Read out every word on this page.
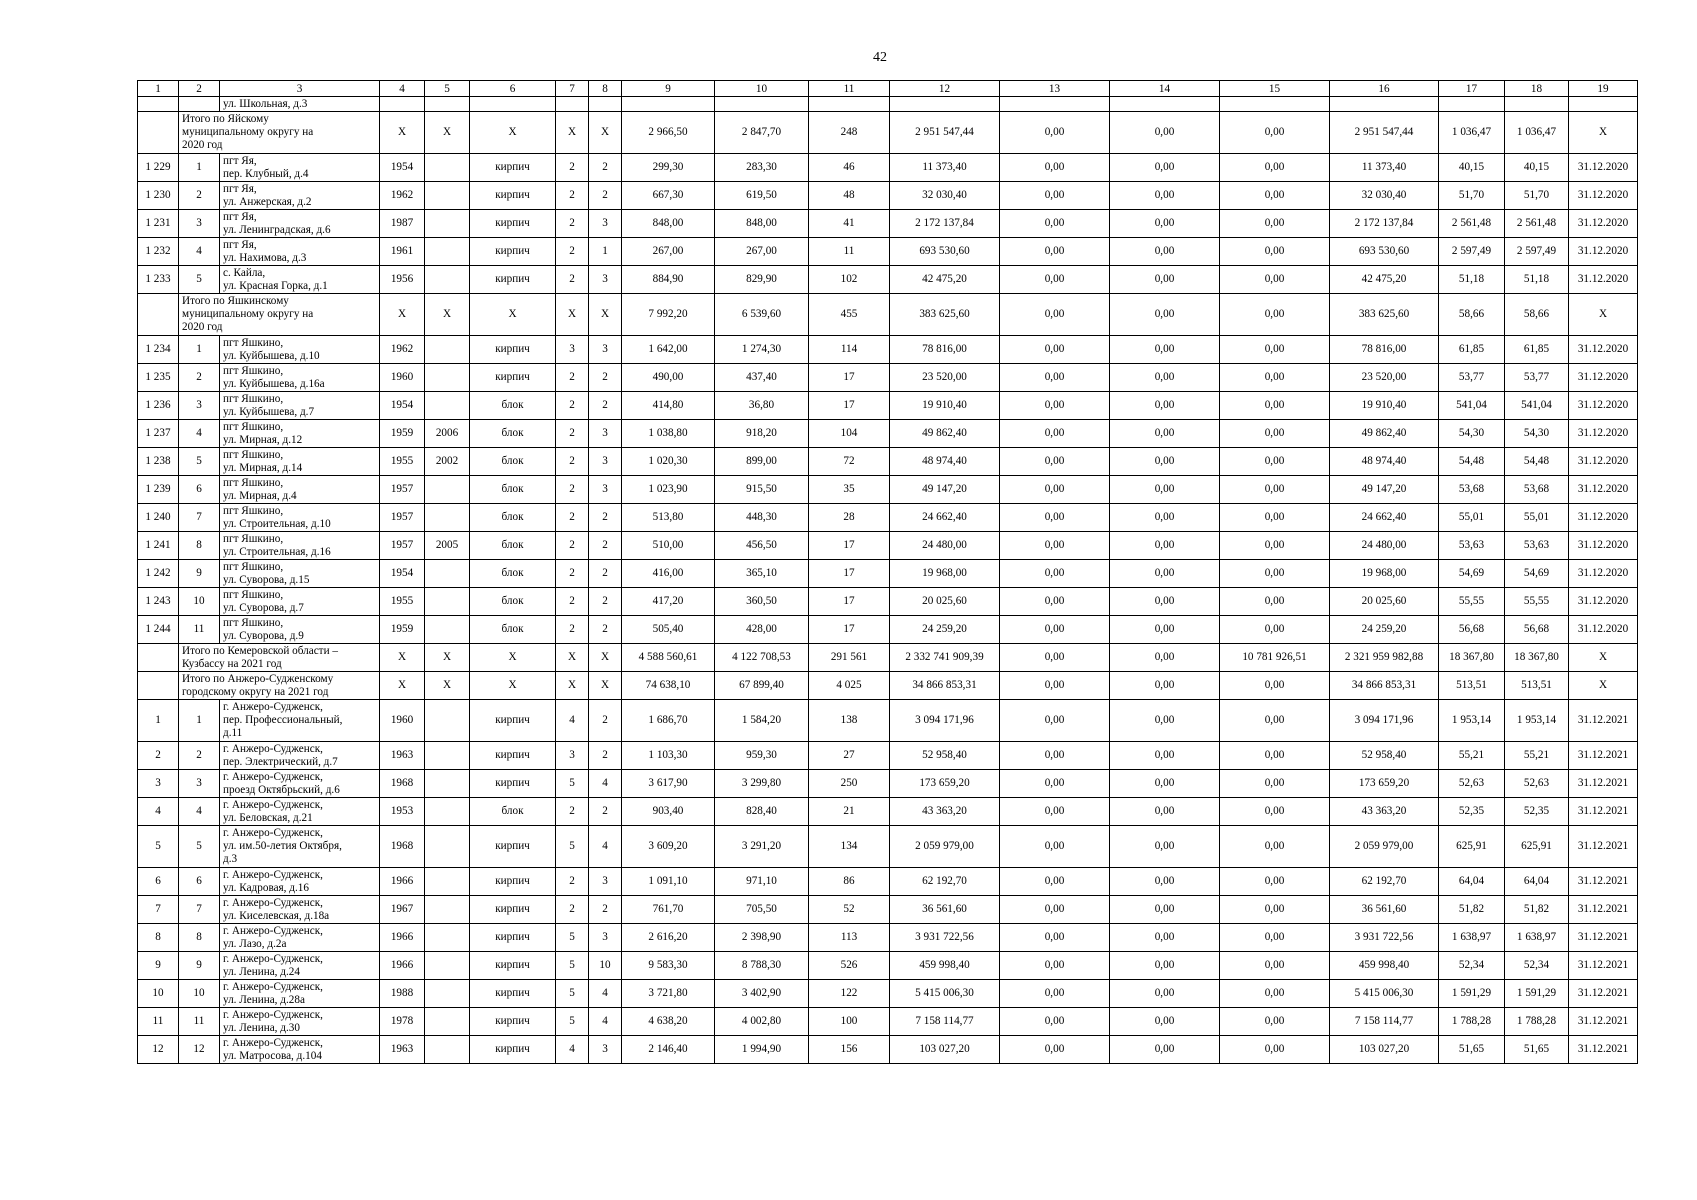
42
1	2	3	4	5	6	7	8	9	10	11	12	13	14	15	16	17	18	19
		ул. Школьная, д.3																
	Итого по Яйскому
муниципальному округу на
2020 год		X	X	X	X	X	2 966,50	2 847,70	248	2 951 547,44	0,00	0,00	0,00	2 951 547,44	1 036,47	1 036,47	X
1 229	1	пгт Яя,
пер. Клубный, д.4	1954		кирпич	2	2	299,30	283,30	46	11 373,40	0,00	0,00	0,00	11 373,40	40,15	40,15	31.12.2020
1 230	2	пгт Яя,
ул. Анжерская, д.2	1962		кирпич	2	2	667,30	619,50	48	32 030,40	0,00	0,00	0,00	32 030,40	51,70	51,70	31.12.2020
1 231	3	пгт Яя,
ул. Ленинградская, д.6	1987		кирпич	2	3	848,00	848,00	41	2 172 137,84	0,00	0,00	0,00	2 172 137,84	2 561,48	2 561,48	31.12.2020
1 232	4	пгт Яя,
ул. Нахимова, д.3	1961		кирпич	2	1	267,00	267,00	11	693 530,60	0,00	0,00	0,00	693 530,60	2 597,49	2 597,49	31.12.2020
1 233	5	с. Кайла,
ул. Красная Горка, д.1	1956		кирпич	2	3	884,90	829,90	102	42 475,20	0,00	0,00	0,00	42 475,20	51,18	51,18	31.12.2020
	Итого по Яшкинскому
муниципальному округу на
2020 год		X	X	X	X	X	7 992,20	6 539,60	455	383 625,60	0,00	0,00	0,00	383 625,60	58,66	58,66	X
1 234	1	пгт Яшкино,
ул. Куйбышева, д.10	1962		кирпич	3	3	1 642,00	1 274,30	114	78 816,00	0,00	0,00	0,00	78 816,00	61,85	61,85	31.12.2020
1 235	2	пгт Яшкино,
ул. Куйбышева, д.16а	1960		кирпич	2	2	490,00	437,40	17	23 520,00	0,00	0,00	0,00	23 520,00	53,77	53,77	31.12.2020
1 236	3	пгт Яшкино,
ул. Куйбышева, д.7	1954		блок	2	2	414,80	36,80	17	19 910,40	0,00	0,00	0,00	19 910,40	541,04	541,04	31.12.2020
1 237	4	пгт Яшкино,
ул. Мирная, д.12	1959	2006	блок	2	3	1 038,80	918,20	104	49 862,40	0,00	0,00	0,00	49 862,40	54,30	54,30	31.12.2020
1 238	5	пгт Яшкино,
ул. Мирная, д.14	1955	2002	блок	2	3	1 020,30	899,00	72	48 974,40	0,00	0,00	0,00	48 974,40	54,48	54,48	31.12.2020
1 239	6	пгт Яшкино,
ул. Мирная, д.4	1957		блок	2	3	1 023,90	915,50	35	49 147,20	0,00	0,00	0,00	49 147,20	53,68	53,68	31.12.2020
1 240	7	пгт Яшкино,
ул. Строительная, д.10	1957		блок	2	2	513,80	448,30	28	24 662,40	0,00	0,00	0,00	24 662,40	55,01	55,01	31.12.2020
1 241	8	пгт Яшкино,
ул. Строительная, д.16	1957	2005	блок	2	2	510,00	456,50	17	24 480,00	0,00	0,00	0,00	24 480,00	53,63	53,63	31.12.2020
1 242	9	пгт Яшкино,
ул. Суворова, д.15	1954		блок	2	2	416,00	365,10	17	19 968,00	0,00	0,00	0,00	19 968,00	54,69	54,69	31.12.2020
1 243	10	пгт Яшкино,
ул. Суворова, д.7	1955		блок	2	2	417,20	360,50	17	20 025,60	0,00	0,00	0,00	20 025,60	55,55	55,55	31.12.2020
1 244	11	пгт Яшкино,
ул. Суворова, д.9	1959		блок	2	2	505,40	428,00	17	24 259,20	0,00	0,00	0,00	24 259,20	56,68	56,68	31.12.2020
	Итого по Кемеровской области –
Кузбассу на 2021 год		X	X	X	X	X	4 588 560,61	4 122 708,53	291 561	2 332 741 909,39	0,00	0,00	10 781 926,51	2 321 959 982,88	18 367,80	18 367,80	X
	Итого по Анжеро-Судженскому
городскому округу на 2021 год		X	X	X	X	X	74 638,10	67 899,40	4 025	34 866 853,31	0,00	0,00	0,00	34 866 853,31	513,51	513,51	X
1	1	г. Анжеро-Судженск,
пер. Профессиональный,
д.11	1960		кирпич	4	2	1 686,70	1 584,20	138	3 094 171,96	0,00	0,00	0,00	3 094 171,96	1 953,14	1 953,14	31.12.2021
2	2	г. Анжеро-Судженск,
пер. Электрический, д.7	1963		кирпич	3	2	1 103,30	959,30	27	52 958,40	0,00	0,00	0,00	52 958,40	55,21	55,21	31.12.2021
3	3	г. Анжеро-Судженск,
проезд Октябрьский, д.6	1968		кирпич	5	4	3 617,90	3 299,80	250	173 659,20	0,00	0,00	0,00	173 659,20	52,63	52,63	31.12.2021
4	4	г. Анжеро-Судженск,
ул. Беловская, д.21	1953		блок	2	2	903,40	828,40	21	43 363,20	0,00	0,00	0,00	43 363,20	52,35	52,35	31.12.2021
5	5	г. Анжеро-Судженск,
ул. им.50-летия Октября,
д.3	1968		кирпич	5	4	3 609,20	3 291,20	134	2 059 979,00	0,00	0,00	0,00	2 059 979,00	625,91	625,91	31.12.2021
6	6	г. Анжеро-Судженск,
ул. Кадровая, д.16	1966		кирпич	2	3	1 091,10	971,10	86	62 192,70	0,00	0,00	0,00	62 192,70	64,04	64,04	31.12.2021
7	7	г. Анжеро-Судженск,
ул. Киселевская, д.18а	1967		кирпич	2	2	761,70	705,50	52	36 561,60	0,00	0,00	0,00	36 561,60	51,82	51,82	31.12.2021
8	8	г. Анжеро-Судженск,
ул. Лазо, д.2а	1966		кирпич	5	3	2 616,20	2 398,90	113	3 931 722,56	0,00	0,00	0,00	3 931 722,56	1 638,97	1 638,97	31.12.2021
9	9	г. Анжеро-Судженск,
ул. Ленина, д.24	1966		кирпич	5	10	9 583,30	8 788,30	526	459 998,40	0,00	0,00	0,00	459 998,40	52,34	52,34	31.12.2021
10	10	г. Анжеро-Судженск,
ул. Ленина, д.28а	1988		кирпич	5	4	3 721,80	3 402,90	122	5 415 006,30	0,00	0,00	0,00	5 415 006,30	1 591,29	1 591,29	31.12.2021
11	11	г. Анжеро-Судженск,
ул. Ленина, д.30	1978		кирпич	5	4	4 638,20	4 002,80	100	7 158 114,77	0,00	0,00	0,00	7 158 114,77	1 788,28	1 788,28	31.12.2021
12	12	г. Анжеро-Судженск,
ул. Матросова, д.104	1963		кирпич	4	3	2 146,40	1 994,90	156	103 027,20	0,00	0,00	0,00	103 027,20	51,65	51,65	31.12.2021
